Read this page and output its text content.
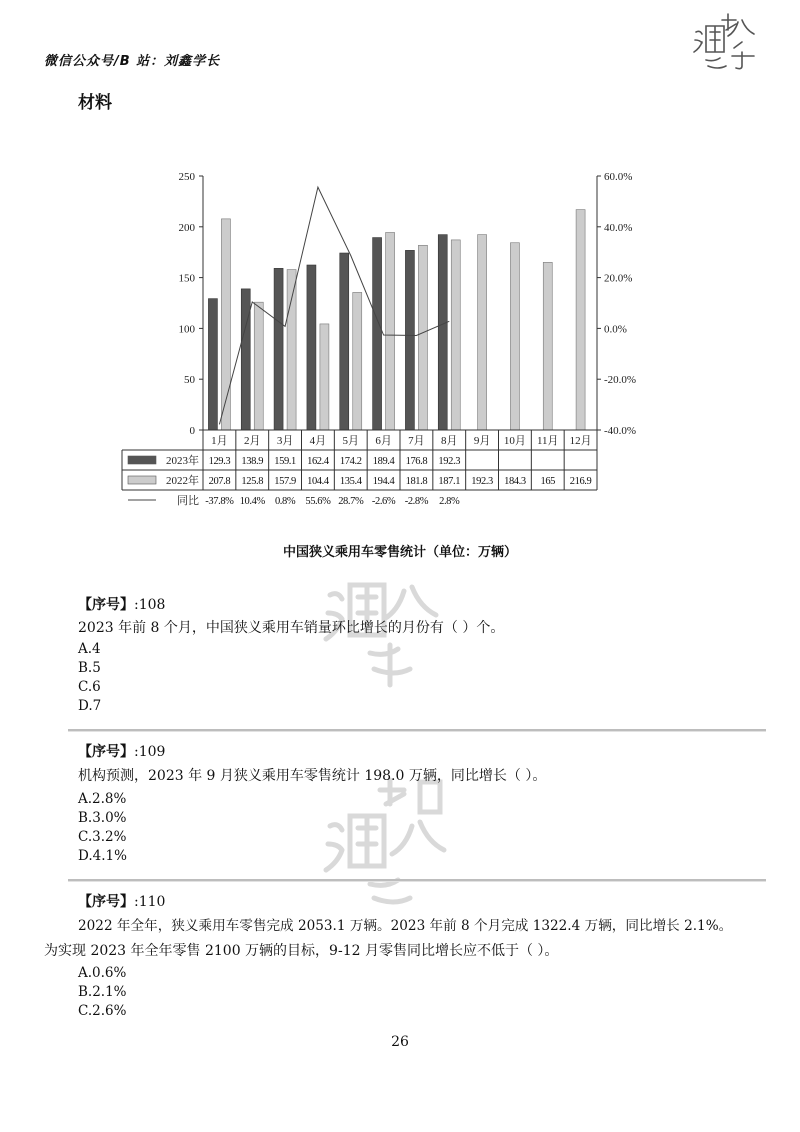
微信公众号/B 站：刘鑫学长
材料
0
50
100
150
200
250
-40.0%
-20.0%
0.0%
20.0%
40.0%
60.0%
1月 2月 3月 4月 5月 6月 7月 8月 9月 10月 11月 12月
2023年 129.3 138.9 159.1 162.4 174.2 189.4 176.8 192.3
2022年 207.8 125.8 157.9 104.4 135.4 194.4 181.8 187.1 192.3 184.3 165 216.9
同比 -37.8% 10.4% 0.8% 55.6% 28.7% -2.6% -2.8% 2.8%
中国狭义乘用车零售统计（单位：万辆）
【序号】:108
2023 年前 8 个月，中国狭义乘用车销量环比增长的月份有（ ）个。
A.4
B.5
C.6
D.7
【序号】:109
机构预测，2023 年 9 月狭义乘用车零售统计 198.0 万辆，同比增长（ ）。
A.2.8%
B.3.0%
C.3.2%
D.4.1%
【序号】:110
2022 年全年，狭义乘用车零售完成 2053.1 万辆。2023 年前 8 个月完成 1322.4 万辆，同比增长 2.1%。
为实现 2023 年全年零售 2100 万辆的目标，9-12 月零售同比增长应不低于（ ）。
A.0.6%
B.2.1%
C.2.6%
26
